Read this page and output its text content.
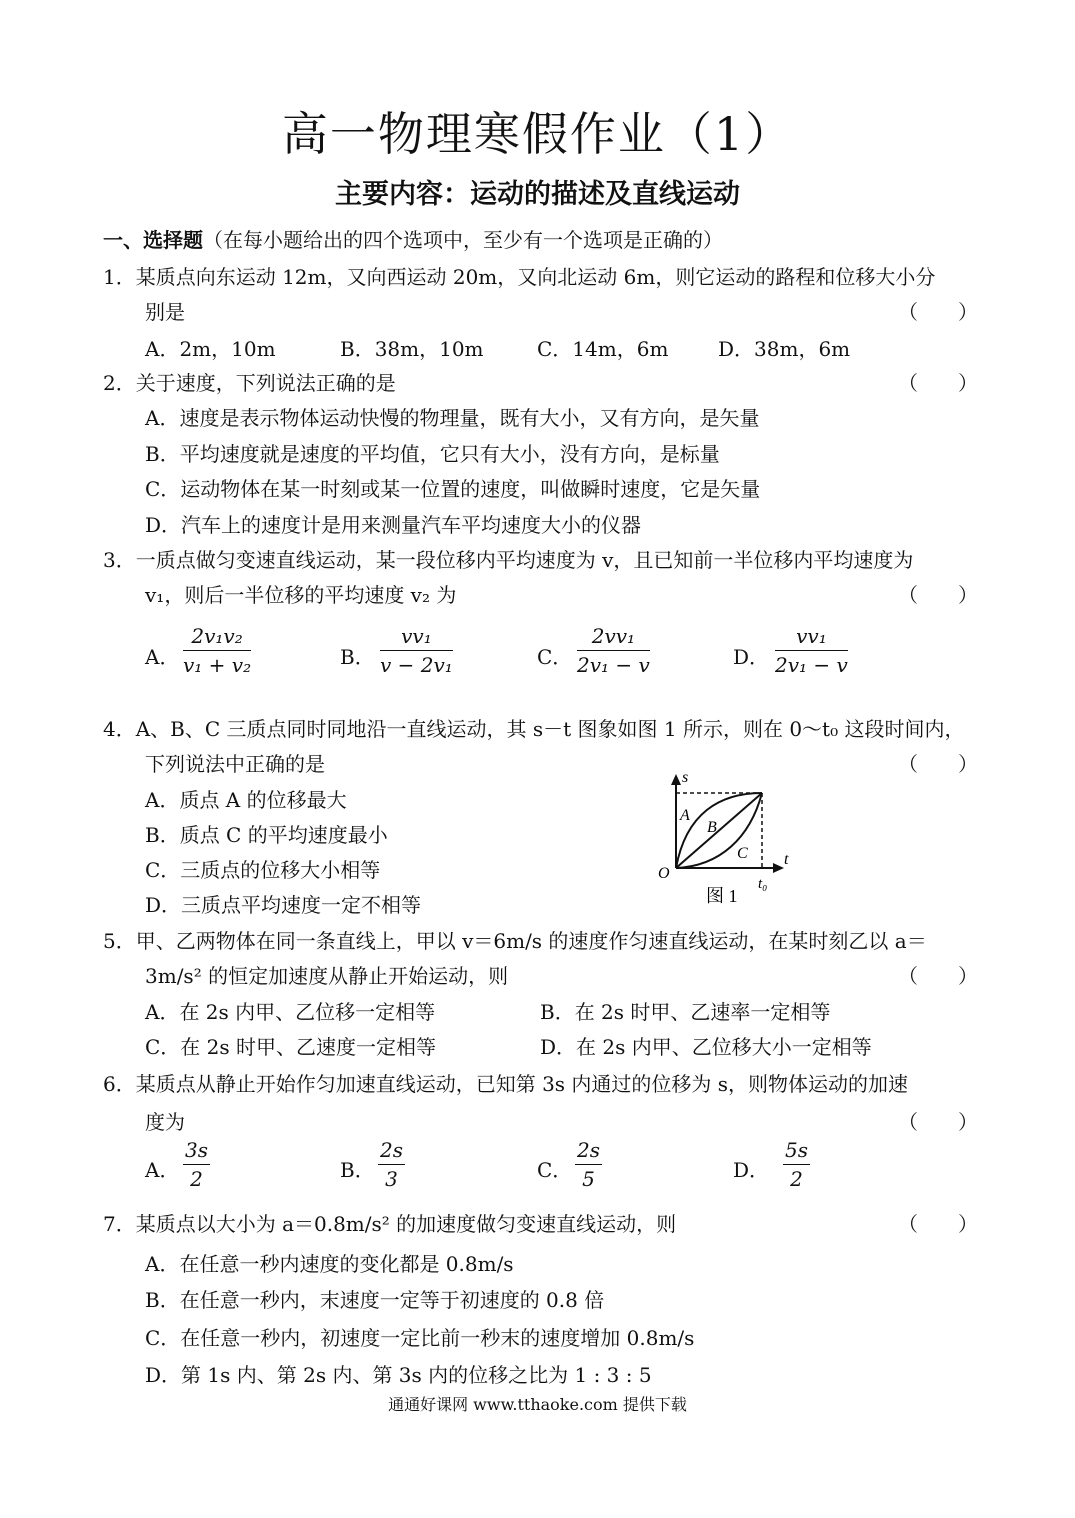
高一物理寒假作业（1）
主要内容：运动的描述及直线运动
一、选择题（在每小题给出的四个选项中，至少有一个选项是正确的）
1．某质点向东运动 12m，又向西运动 20m，又向北运动 6m，则它运动的路程和位移大小分
别是	（　　）
A．2m，10m	B．38m，10m	C．14m，6m D．38m，6m
2．关于速度，下列说法正确的是	（　　）
A．速度是表示物体运动快慢的物理量，既有大小，又有方向，是矢量
B．平均速度就是速度的平均值，它只有大小，没有方向，是标量
C．运动物体在某一时刻或某一位置的速度，叫做瞬时速度，它是矢量
D．汽车上的速度计是用来测量汽车平均速度大小的仪器
3．一质点做匀变速直线运动，某一段位移内平均速度为 v，且已知前一半位移内平均速度为
v₁，则后一半位移的平均速度 v₂ 为	（　　）
A． $\frac{\text{2v₁v₂}}{\text{v₁ + v₂}}$	B． $\frac{\text{vv₁}}{\text{v − 2v₁}}$	C． $\frac{\text{2vv₁}}{\text{2v₁ − v}}$	D． $\frac{\text{vv₁}}{\text{2v₁ − v}}$
4．A、B、C 三质点同时同地沿一直线运动，其 s－t 图象如图 1 所示，则在 0～t₀ 这段时间内，
下列说法中正确的是	（　　）
A．质点 A 的位移最大
B．质点 C 的平均速度最小
C．三质点的位移大小相等
D．三质点平均速度一定不相等
s
t
O
t₀
A
B
C
图 1
5．甲、乙两物体在同一条直线上，甲以 v＝6m/s 的速度作匀速直线运动，在某时刻乙以 a＝
3m/s² 的恒定加速度从静止开始运动，则	（　　）
A．在 2s 内甲、乙位移一定相等	B．在 2s 时甲、乙速率一定相等
C．在 2s 时甲、乙速度一定相等	D．在 2s 内甲、乙位移大小一定相等
6．某质点从静止开始作匀加速直线运动，已知第 3s 内通过的位移为 s，则物体运动的加速
度为	（　　）
A． $\frac{3s}{2}$	B． $\frac{2s}{3}$	C． $\frac{2s}{5}$	D． $\frac{5s}{2}$
7．某质点以大小为 a＝0.8m/s² 的加速度做匀变速直线运动，则	（　　）
A．在任意一秒内速度的变化都是 0.8m/s
B．在任意一秒内，末速度一定等于初速度的 0.8 倍
C．在任意一秒内，初速度一定比前一秒末的速度增加 0.8m/s
D．第 1s 内、第 2s 内、第 3s 内的位移之比为 1 : 3 : 5
通通好课网 www.tthaoke.com 提供下载
